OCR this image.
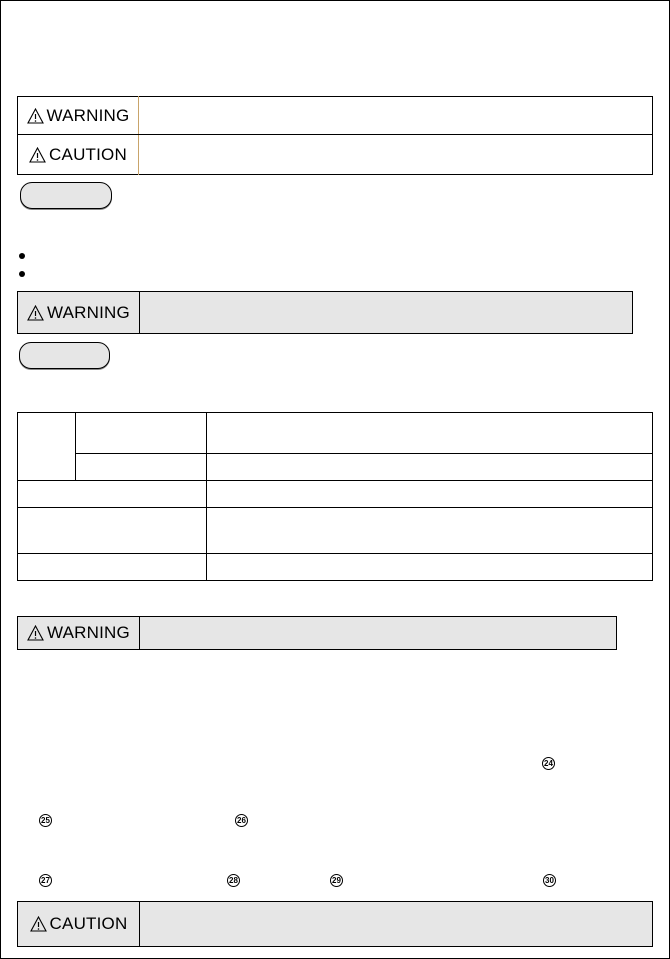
WARNING
CAUTION
WARNING
WARNING
24
25	26
27	28	29	30
CAUTION
